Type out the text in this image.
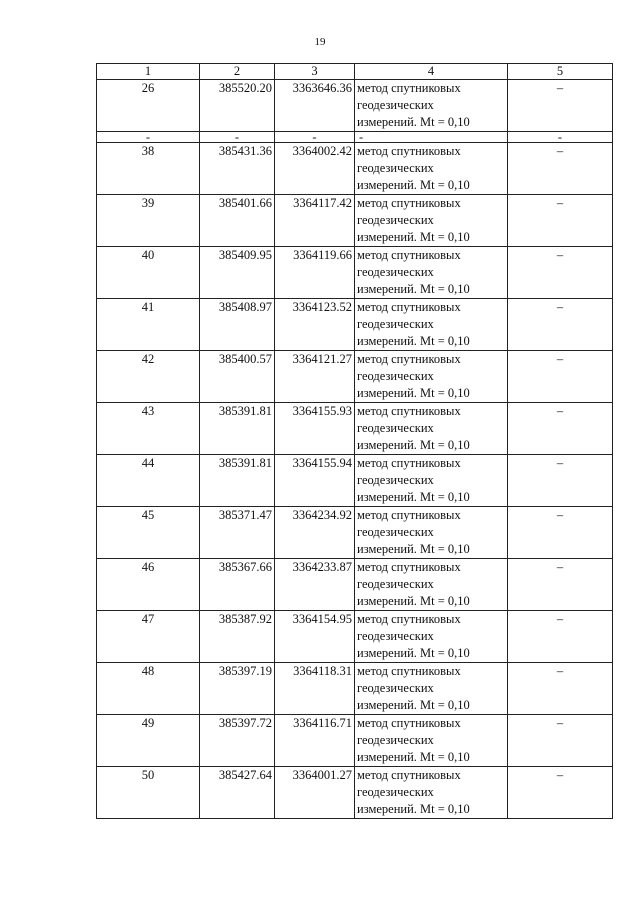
19
1	2	3	4	5
26	385520.20	3363646.36	метод спутниковых
геодезических
измерений. Mt = 0,10	–
-	-	-	-	-
38	385431.36	3364002.42	метод спутниковых
геодезических
измерений. Mt = 0,10	–
39	385401.66	3364117.42	метод спутниковых
геодезических
измерений. Mt = 0,10	–
40	385409.95	3364119.66	метод спутниковых
геодезических
измерений. Mt = 0,10	–
41	385408.97	3364123.52	метод спутниковых
геодезических
измерений. Mt = 0,10	–
42	385400.57	3364121.27	метод спутниковых
геодезических
измерений. Mt = 0,10	–
43	385391.81	3364155.93	метод спутниковых
геодезических
измерений. Mt = 0,10	–
44	385391.81	3364155.94	метод спутниковых
геодезических
измерений. Mt = 0,10	–
45	385371.47	3364234.92	метод спутниковых
геодезических
измерений. Mt = 0,10	–
46	385367.66	3364233.87	метод спутниковых
геодезических
измерений. Mt = 0,10	–
47	385387.92	3364154.95	метод спутниковых
геодезических
измерений. Mt = 0,10	–
48	385397.19	3364118.31	метод спутниковых
геодезических
измерений. Mt = 0,10	–
49	385397.72	3364116.71	метод спутниковых
геодезических
измерений. Mt = 0,10	–
50	385427.64	3364001.27	метод спутниковых
геодезических
измерений. Mt = 0,10	–
